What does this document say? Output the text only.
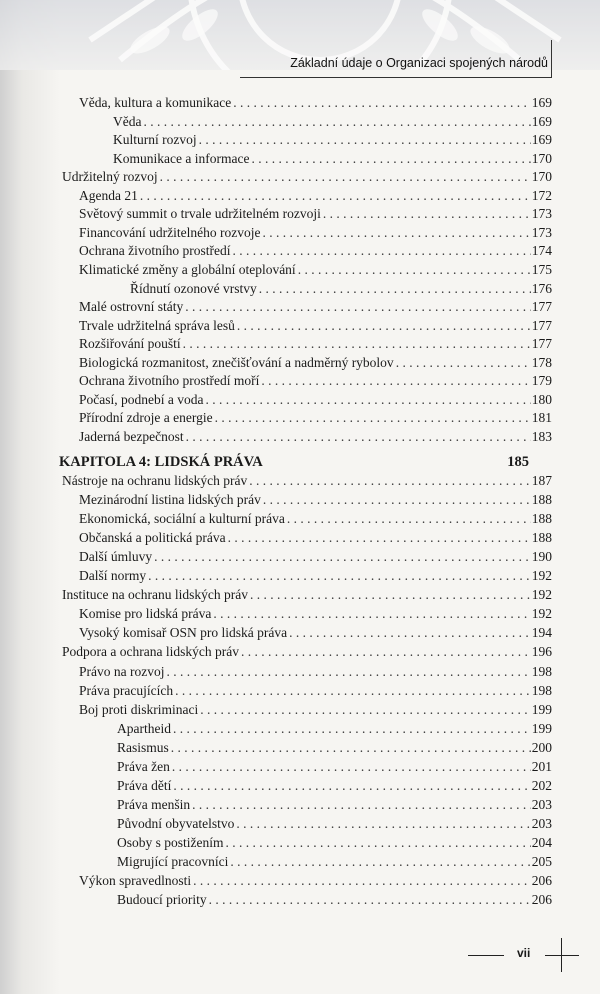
Základní údaje o Organizaci spojených národů
Věda, kultura a komunikace . . .	169
Věda . . .	169
Kulturní rozvoj . . .	169
Komunikace a informace . . .	170
Udržitelný rozvoj . . .	170
Agenda 21 . . .	172
Světový summit o trvale udržitelném rozvoji . . .	173
Financování udržitelného rozvoje . . .	173
Ochrana životního prostředí . . .	174
Klimatické změny a globální oteplování . . .	175
Řídnutí ozonové vrstvy . . .	176
Malé ostrovní státy . . .	177
Trvale udržitelná správa lesů . . .	177
Rozšiřování pouští . . .	177
Biologická rozmanitost, znečišťování a nadměrný rybolov . . .	178
Ochrana životního prostředí moří . . .	179
Počasí, podnebí a voda . . .	180
Přírodní zdroje a energie . . .	181
Jaderná bezpečnost . . .	183
KAPITOLA 4: LIDSKÁ PRÁVA	185
Nástroje na ochranu lidských práv . . .	187
Mezinárodní listina lidských práv . . .	188
Ekonomická, sociální a kulturní práva . . .	188
Občanská a politická práva . . .	188
Další úmluvy . . .	190
Další normy . . .	192
Instituce na ochranu lidských práv . . .	192
Komise pro lidská práva . . .	192
Vysoký komisař OSN pro lidská práva . . .	194
Podpora a ochrana lidských práv . . .	196
Právo na rozvoj . . .	198
Práva pracujících . . .	198
Boj proti diskriminaci . . .	199
Apartheid . . .	199
Rasismus . . .	200
Práva žen . . .	201
Práva dětí . . .	202
Práva menšin . . .	203
Původní obyvatelstvo . . .	203
Osoby s postižením . . .	204
Migrující pracovníci . . .	205
Výkon spravedlnosti . . .	206
Budoucí priority . . .	206
vii
